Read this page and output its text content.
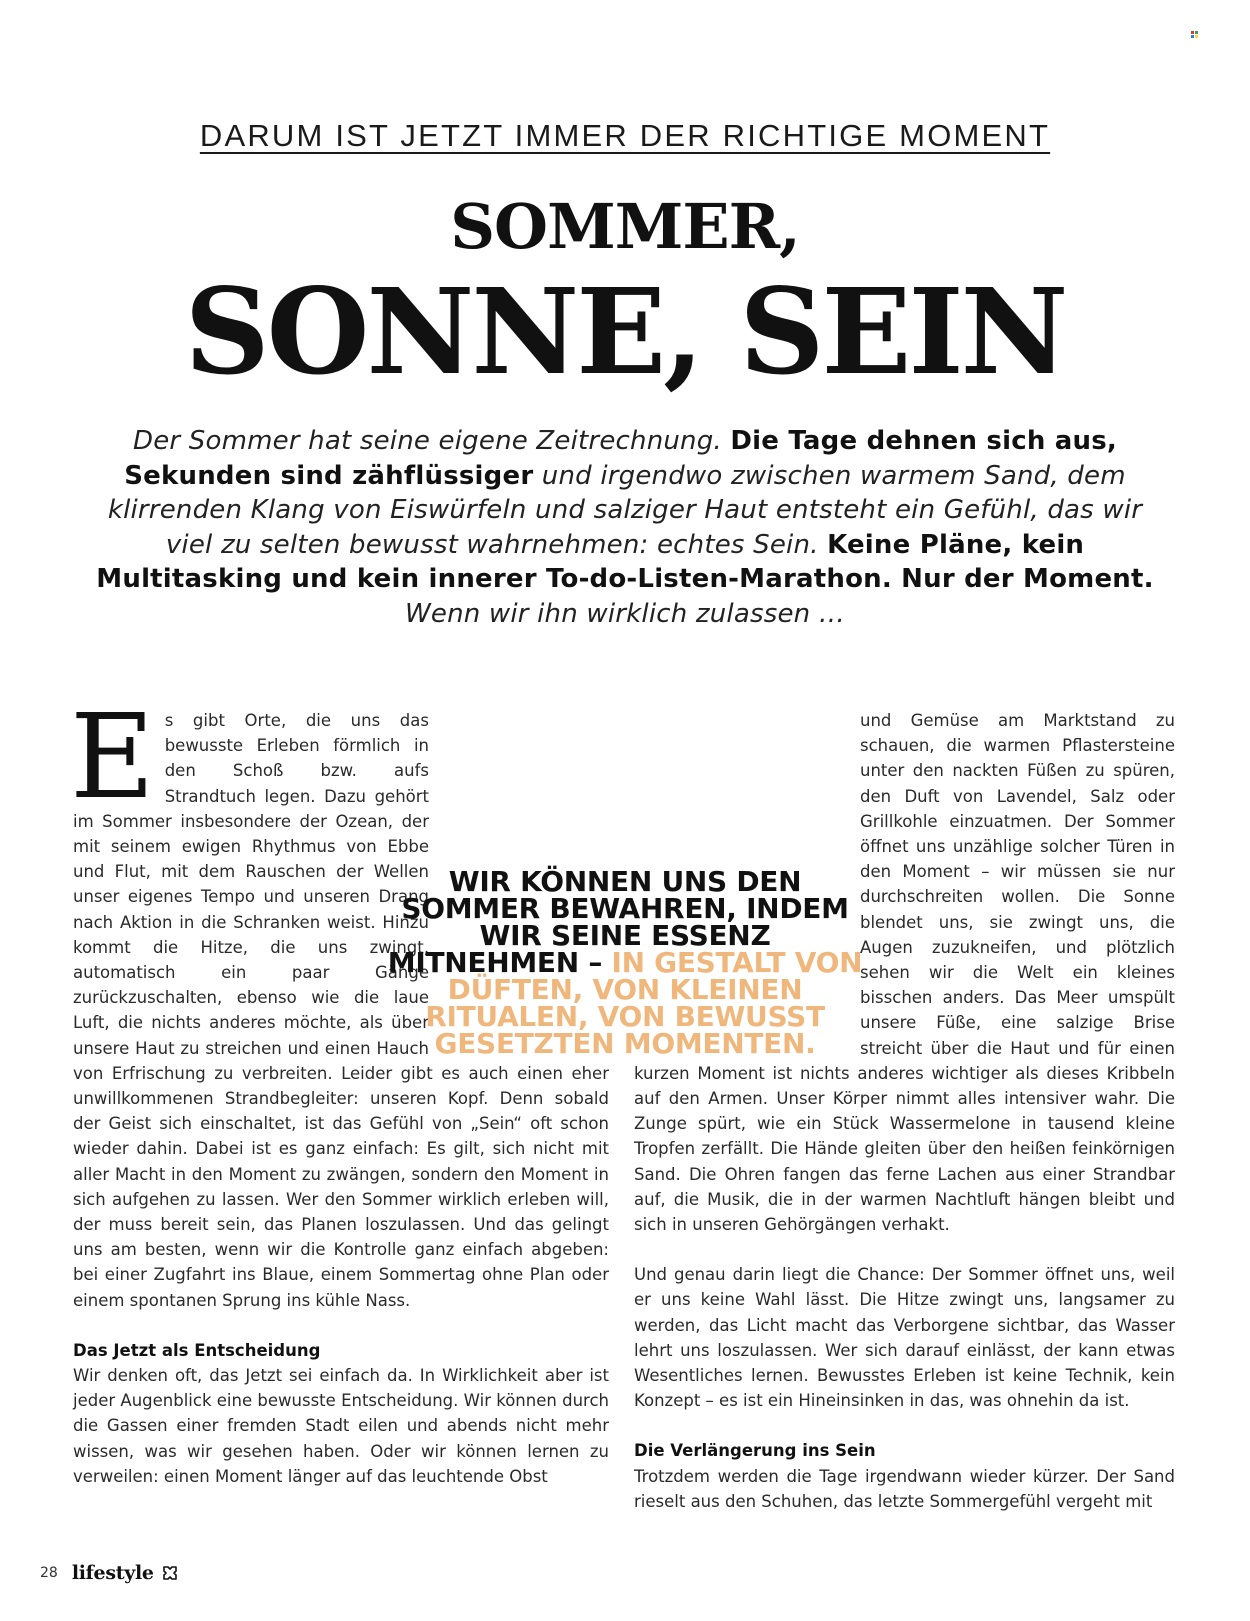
DARUM IST JETZT IMMER DER RICHTIGE MOMENT
SOMMER,
SONNE, SEIN
Der Sommer hat seine eigene Zeitrechnung. Die Tage dehnen sich aus, Sekunden sind zähflüssiger und irgendwo zwischen warmem Sand, dem klirrenden Klang von Eiswürfeln und salziger Haut entsteht ein Gefühl, das wir viel zu selten bewusst wahrnehmen: echtes Sein. Keine Pläne, kein Multitasking und kein innerer To-do-Listen-Marathon. Nur der Moment. Wenn wir ihn wirklich zulassen …

Es gibt Orte, die uns das bewusste Erleben förmlich in den Schoß bzw. aufs Strandtuch legen. Dazu gehört im Sommer insbesondere der Ozean, der mit seinem ewigen Rhythmus von Ebbe und Flut, mit dem Rauschen der Wellen unser eigenes Tempo und unseren Drang nach Aktion in die Schranken weist. Hinzu kommt die Hitze, die uns zwingt, automatisch ein paar Gänge zurückzuschalten, ebenso wie die laue Luft, die nichts anderes möchte, als über unsere Haut zu streichen und einen Hauch von Erfrischung zu verbreiten. Leider gibt es auch einen eher unwillkommenen Strandbegleiter: unseren Kopf. Denn sobald der Geist sich einschaltet, ist das Gefühl von „Sein“ oft schon wieder dahin. Dabei ist es ganz einfach: Es gilt, sich nicht mit aller Macht in den Moment zu zwängen, sondern den Moment in sich aufgehen zu lassen. Wer den Sommer wirklich erleben will, der muss bereit sein, das Planen loszulassen. Und das gelingt uns am besten, wenn wir die Kontrolle ganz einfach abgeben: bei einer Zugfahrt ins Blaue, einem Sommertag ohne Plan oder einem spontanen Sprung ins kühle Nass.

Das Jetzt als Entscheidung

Wir denken oft, das Jetzt sei einfach da. In Wirklichkeit aber ist jeder Augenblick eine bewusste Entscheidung. Wir können durch die Gassen einer fremden Stadt eilen und abends nicht mehr wissen, was wir gesehen haben. Oder wir können lernen zu verweilen: einen Moment länger auf das leuchtende Obst

und Gemüse am Marktstand zu schauen, die warmen Pflastersteine unter den nackten Füßen zu spüren, den Duft von Lavendel, Salz oder Grillkohle einzuatmen. Der Sommer öffnet uns unzählige solcher Türen in den Moment – wir müssen sie nur durchschreiten wollen. Die Sonne blendet uns, sie zwingt uns, die Augen zuzukneifen, und plötzlich sehen wir die Welt ein kleines bisschen anders. Das Meer umspült unsere Füße, eine salzige Brise streicht über die Haut und für einen kurzen Moment ist nichts anderes wichtiger als dieses Kribbeln auf den Armen. Unser Körper nimmt alles intensiver wahr. Die Zunge spürt, wie ein Stück Wassermelone in tausend kleine Tropfen zerfällt. Die Hände gleiten über den heißen feinkörnigen Sand. Die Ohren fangen das ferne Lachen aus einer Strandbar auf, die Musik, die in der warmen Nachtluft hängen bleibt und sich in unseren Gehörgängen verhakt.

Und genau darin liegt die Chance: Der Sommer öffnet uns, weil er uns keine Wahl lässt. Die Hitze zwingt uns, langsamer zu werden, das Licht macht das Verborgene sichtbar, das Wasser lehrt uns loszulassen. Wer sich darauf einlässt, der kann etwas Wesentliches lernen. Bewusstes Erleben ist keine Technik, kein Konzept – es ist ein Hineinsinken in das, was ohnehin da ist.

Die Verlängerung ins Sein

Trotzdem werden die Tage irgendwann wieder kürzer. Der Sand rieselt aus den Schuhen, das letzte Sommergefühl vergeht mit

WIR KÖNNEN UNS DEN SOMMER BEWAHREN, INDEM WIR SEINE ESSENZ MITNEHMEN – IN GESTALT VON DÜFTEN, VON KLEINEN RITUALEN, VON BEWUSST GESETZTEN MOMENTEN.
28 lifestyle
